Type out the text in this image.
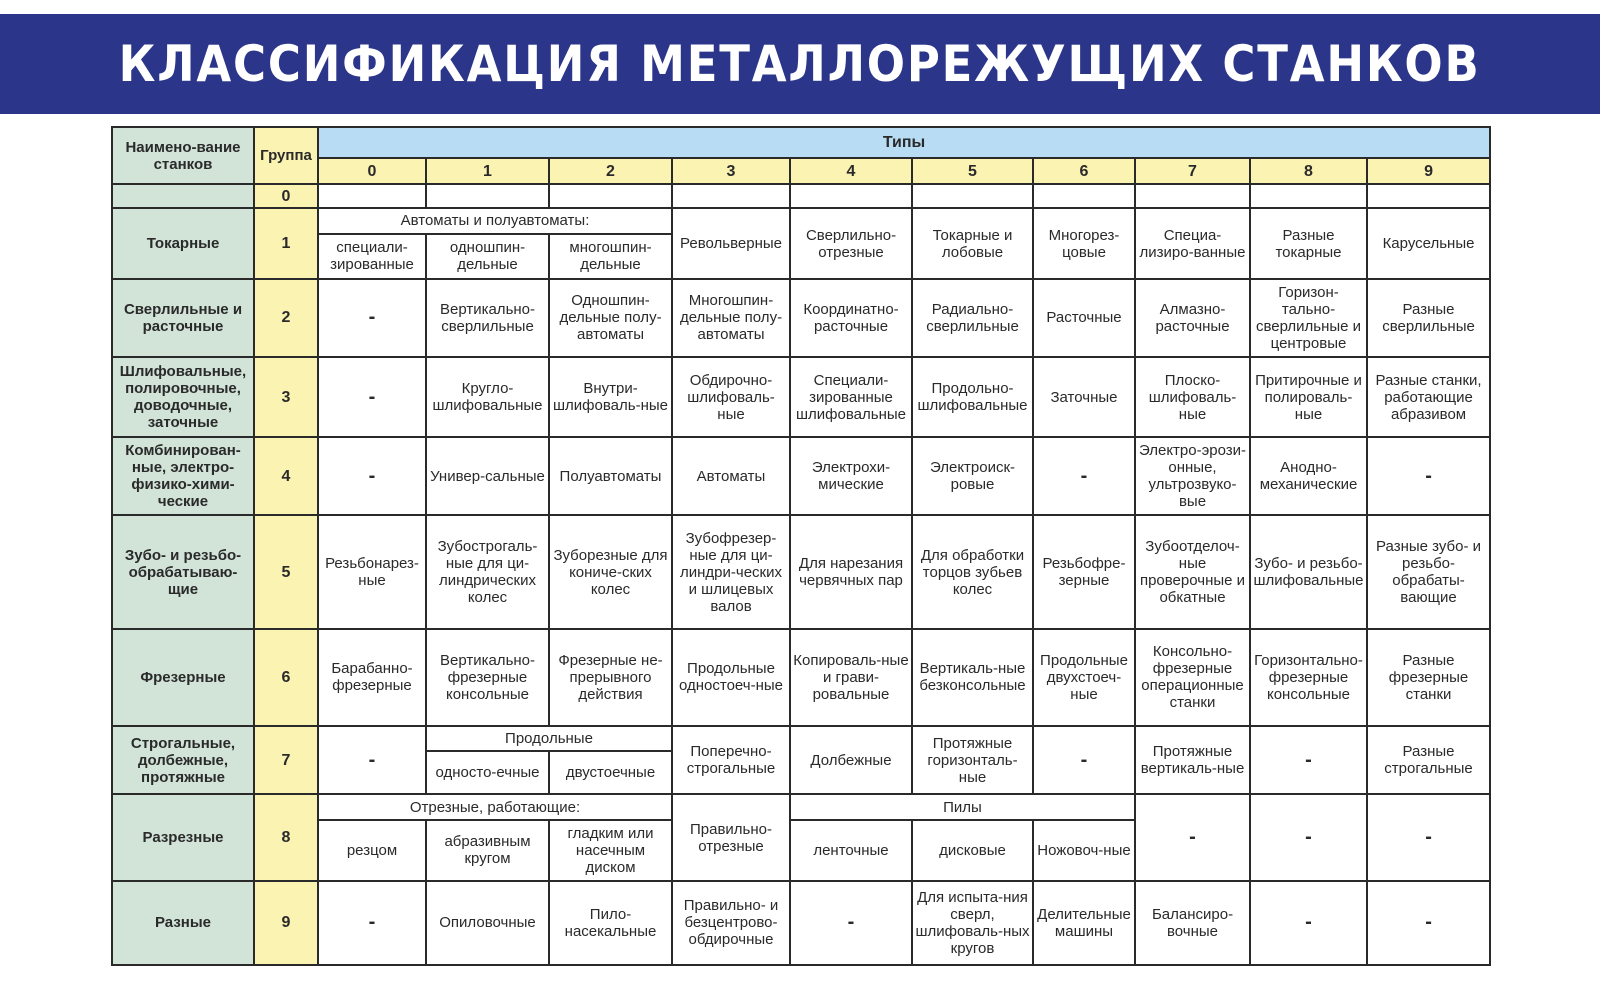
КЛАССИФИКАЦИЯ МЕТАЛЛОРЕЖУЩИХ СТАНКОВ
Наимено-вание станков	Группа	Типы									
		0	1	2	3	4	5	6	7	8	9
	0										
Токарные	1	Автоматы и полуавтоматы:			Револьверные	Сверлильно-отрезные	Токарные и лобовые	Многорез-цовые	Специа-лизиро-ванные	Разные токарные	Карусельные
		специали-зированные	одношпин-дельные	многошпин-дельные							
Сверлильные и расточные	2	-	Вертикально-сверлильные	Одношпин-дельные полу-автоматы	Многошпин-дельные полу-автоматы	Координатно-расточные	Радиально-сверлильные	Расточные	Алмазно-расточные	Горизон-тально-сверлильные и центровые	Разные сверлильные
Шлифовальные, полировочные, доводочные, заточные	3	-	Кругло-шлифовальные	Внутри-шлифоваль-ные	Обдирочно-шлифоваль-ные	Специали-зированные шлифовальные	Продольно-шлифовальные	Заточные	Плоско-шлифоваль-ные	Притирочные и полироваль-ные	Разные станки, работающие абразивом
Комбинирован-ные, электро-физико-хими-ческие	4	-	Универ-сальные	Полуавтоматы	Автоматы	Электрохи-мические	Электроиск-ровые	-	Электро-эрози- онные, ультрозвуко-вые	Анодно-механические	-
Зубо- и резьбо-обрабатываю-щие	5	Резьбонарез-ные	Зубострогаль-ные для ци-линдрических колес	Зуборезные для кониче-ских колес	Зубофрезер-ные для ци-линдри-ческих и шлицевых валов	Для нарезания червячных пар	Для обработки торцов зубьев колес	Резьбофре-зерные	Зубоотделоч-ные проверочные и обкатные	Зубо- и резьбо-шлифовальные	Разные зубо- и резьбо-обрабаты-вающие
Фрезерные	6	Барабанно-фрезерные	Вертикально-фрезерные консольные	Фрезерные не-прерывного действия	Продольные одностоеч-ные	Копироваль-ные и грави-ровальные	Вертикаль-ные безконсольные	Продольные двухстоеч-ные	Консольно-фрезерные операционные станки	Горизонтально-фрезерные консольные	Разные фрезерные станки
Строгальные, долбежные, протяжные	7	-	Продольные		Поперечно-строгальные	Долбежные	Протяжные горизонталь-ные	-	Протяжные вертикаль-ные	-	Разные строгальные
			односто-ечные	двустоечные							
Разрезные	8	Отрезные, работающие:			Правильно-отрезные	Пилы			-	-	-
		резцом	абразивным кругом	гладким или насечным диском		ленточные	дисковые	Ножовоч-ные			
Разные	9	-	Опиловочные	Пило-насекальные	Правильно- и безцентрово-обдирочные	-	Для испыта-ния сверл, шлифоваль-ных кругов	Делительные машины	Балансиро-вочные	-	-
